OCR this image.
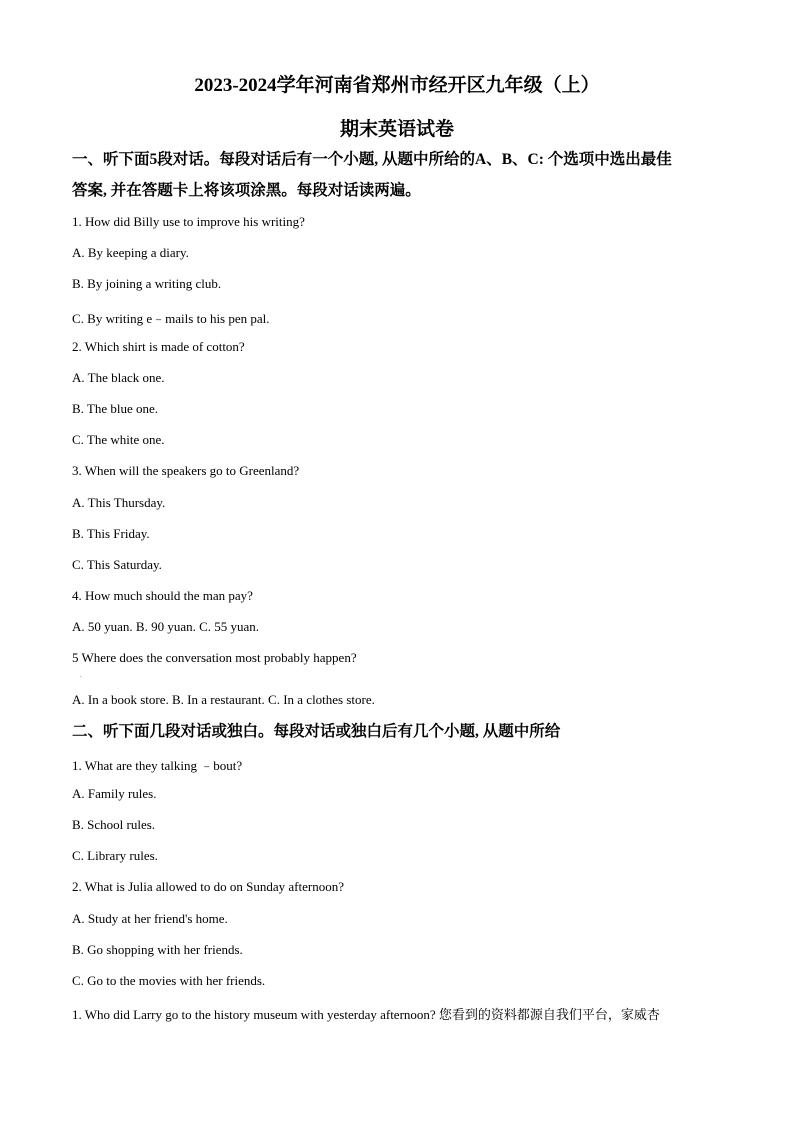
2023-2024学年河南省郑州市经开区九年级（上）
期末英语试卷
一、听下面5段对话。每段对话后有一个小题, 从题中所给的A、B、C: 个选项中选出最佳
答案, 并在答题卡上将该项涂黑。每段对话读两遍。
1. How did Billy use to improve his writing?
A. By keeping a diary.
B. By joining a writing club.
C. By writing e﹣mails to his pen pal.
2. Which shirt is made of cotton?
A. The black one.
B. The blue one.
C. The white one.
3. When will the speakers go to Greenland?
A. This Thursday.
B. This Friday.
C. This Saturday.
4. How much should the man pay?
A. 50 yuan. B. 90 yuan. C. 55 yuan.
5 Where does the conversation most probably happen?
.
A. In a book store. B. In a restaurant. C. In a clothes store.
二、听下面几段对话或独白。每段对话或独白后有几个小题, 从题中所给
1. What are they talking ﹣bout?
A. Family rules.
B. School rules.
C. Library rules.
2. What is Julia allowed to do on Sunday afternoon?
A. Study at her friend's home.
B. Go shopping with her friends.
C. Go to the movies with her friends.
1. Who did Larry go to the history museum with yesterday afternoon? 您看到的资料都源自我们平台，家威杏
